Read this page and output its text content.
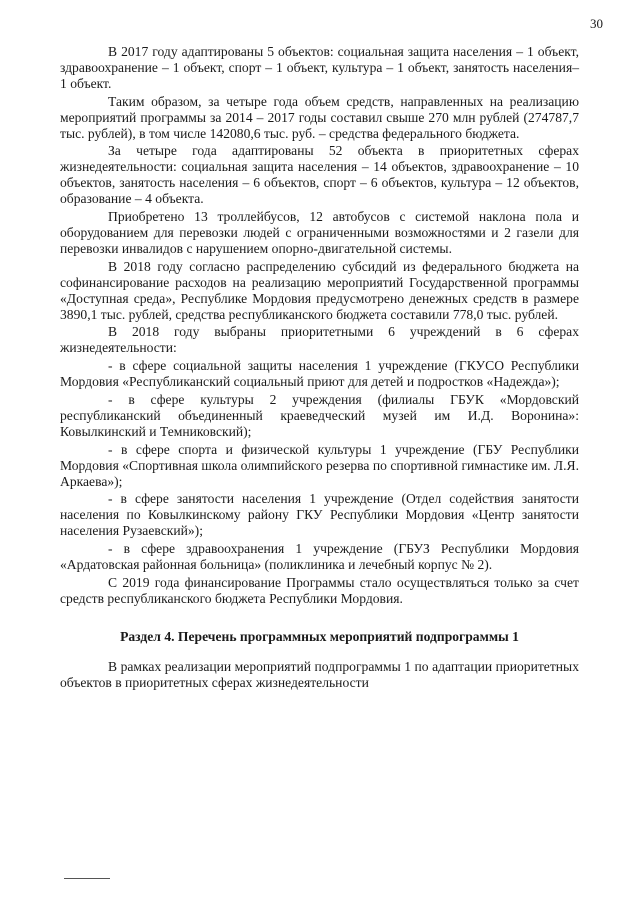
30

В 2017 году адаптированы 5 объектов: социальная защита населения – 1 объект, здравоохранение – 1 объект, спорт – 1 объект, культура – 1 объект, занятость населения– 1 объект.

Таким образом, за четыре года объем средств, направленных на реализацию мероприятий программы за 2014 – 2017 годы составил свыше 270 млн рублей (274787,7 тыс. рублей), в том числе 142080,6 тыс. руб. – средства федерального бюджета.

За четыре года адаптированы 52 объекта в приоритетных сферах жизнедеятельности: социальная защита населения – 14 объектов, здравоохранение – 10 объектов, занятость населения – 6 объектов, спорт – 6 объектов, культура – 12 объектов, образование – 4 объекта.

Приобретено 13 троллейбусов, 12 автобусов с системой наклона пола и оборудованием для перевозки людей с ограниченными возможностями и 2 газели для перевозки инвалидов с нарушением опорно-двигательной системы.

В 2018 году согласно распределению субсидий из федерального бюджета на софинансирование расходов на реализацию мероприятий Государственной программы «Доступная среда», Республике Мордовия предусмотрено денежных средств в размере 3890,1 тыс. рублей, средства республиканского бюджета составили 778,0 тыс. рублей.

В 2018 году выбраны приоритетными 6 учреждений в 6 сферах жизнедеятельности:

- в сфере социальной защиты населения 1 учреждение (ГКУСО Республики Мордовия «Республиканский социальный приют для детей и подростков «Надежда»);

- в сфере культуры 2 учреждения (филиалы ГБУК «Мордовский республиканский объединенный краеведческий музей им И.Д. Воронина»: Ковылкинский и Темниковский);

- в сфере спорта и физической культуры 1 учреждение (ГБУ Республики Мордовия «Спортивная школа олимпийского резерва по спортивной гимнастике им. Л.Я. Аркаева»);

- в сфере занятости населения 1 учреждение (Отдел содействия занятости населения по Ковылкинскому району ГКУ Республики Мордовия «Центр занятости населения Рузаевский»);

- в сфере здравоохранения 1 учреждение (ГБУЗ Республики Мордовия «Ардатовская районная больница» (поликлиника и лечебный корпус № 2).

С 2019 года финансирование Программы стало осуществляться только за счет средств республиканского бюджета Республики Мордовия.

Раздел 4. Перечень программных мероприятий подпрограммы 1

В рамках реализации мероприятий подпрограммы 1 по адаптации приоритетных объектов в приоритетных сферах жизнедеятельности
